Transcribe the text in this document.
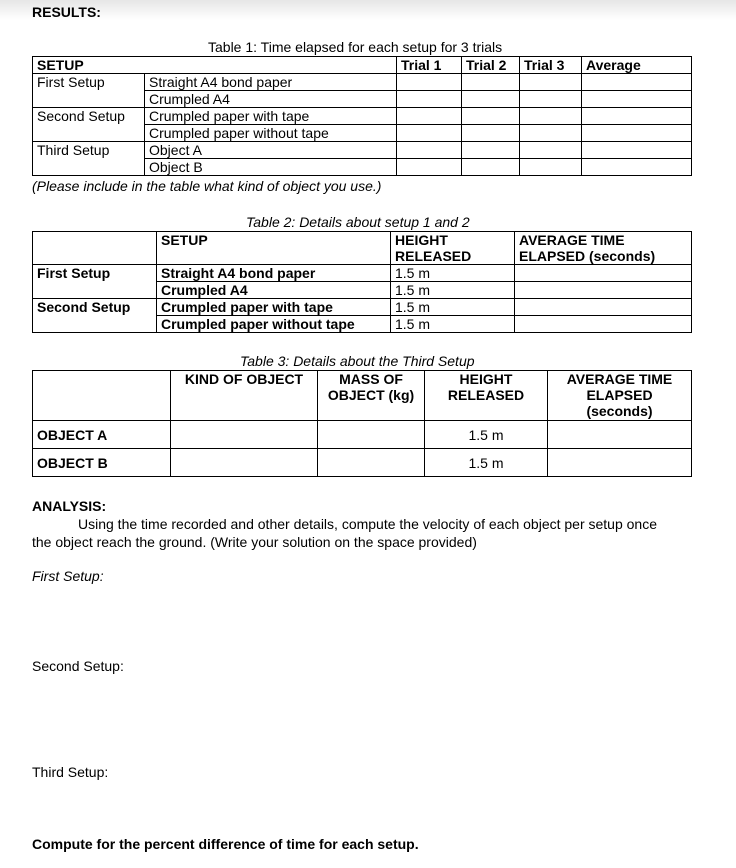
RESULTS:
Table 1: Time elapsed for each setup for 3 trials
SETUP		Trial 1	Trial 2	Trial 3	Average
First Setup	Straight A4 bond paper				
	Crumpled A4				
Second Setup	Crumpled paper with tape				
	Crumpled paper without tape				
Third Setup	Object A				
	Object B				
(Please include in the table what kind of object you use.)
Table 2: Details about setup 1 and 2
	SETUP	HEIGHT RELEASED	AVERAGE TIME ELAPSED (seconds)
First Setup	Straight A4 bond paper	1.5 m	
	Crumpled A4	1.5 m	
Second Setup	Crumpled paper with tape	1.5 m	
	Crumpled paper without tape	1.5 m	
Table 3: Details about the Third Setup
	KIND OF OBJECT	MASS OF OBJECT (kg)	HEIGHT RELEASED	AVERAGE TIME ELAPSED (seconds)
OBJECT A			1.5 m	
OBJECT B			1.5 m	
ANALYSIS:
Using the time recorded and other details, compute the velocity of each object per setup once
the object reach the ground. (Write your solution on the space provided)
First Setup:
Second Setup:
Third Setup:
Compute for the percent difference of time for each setup.
